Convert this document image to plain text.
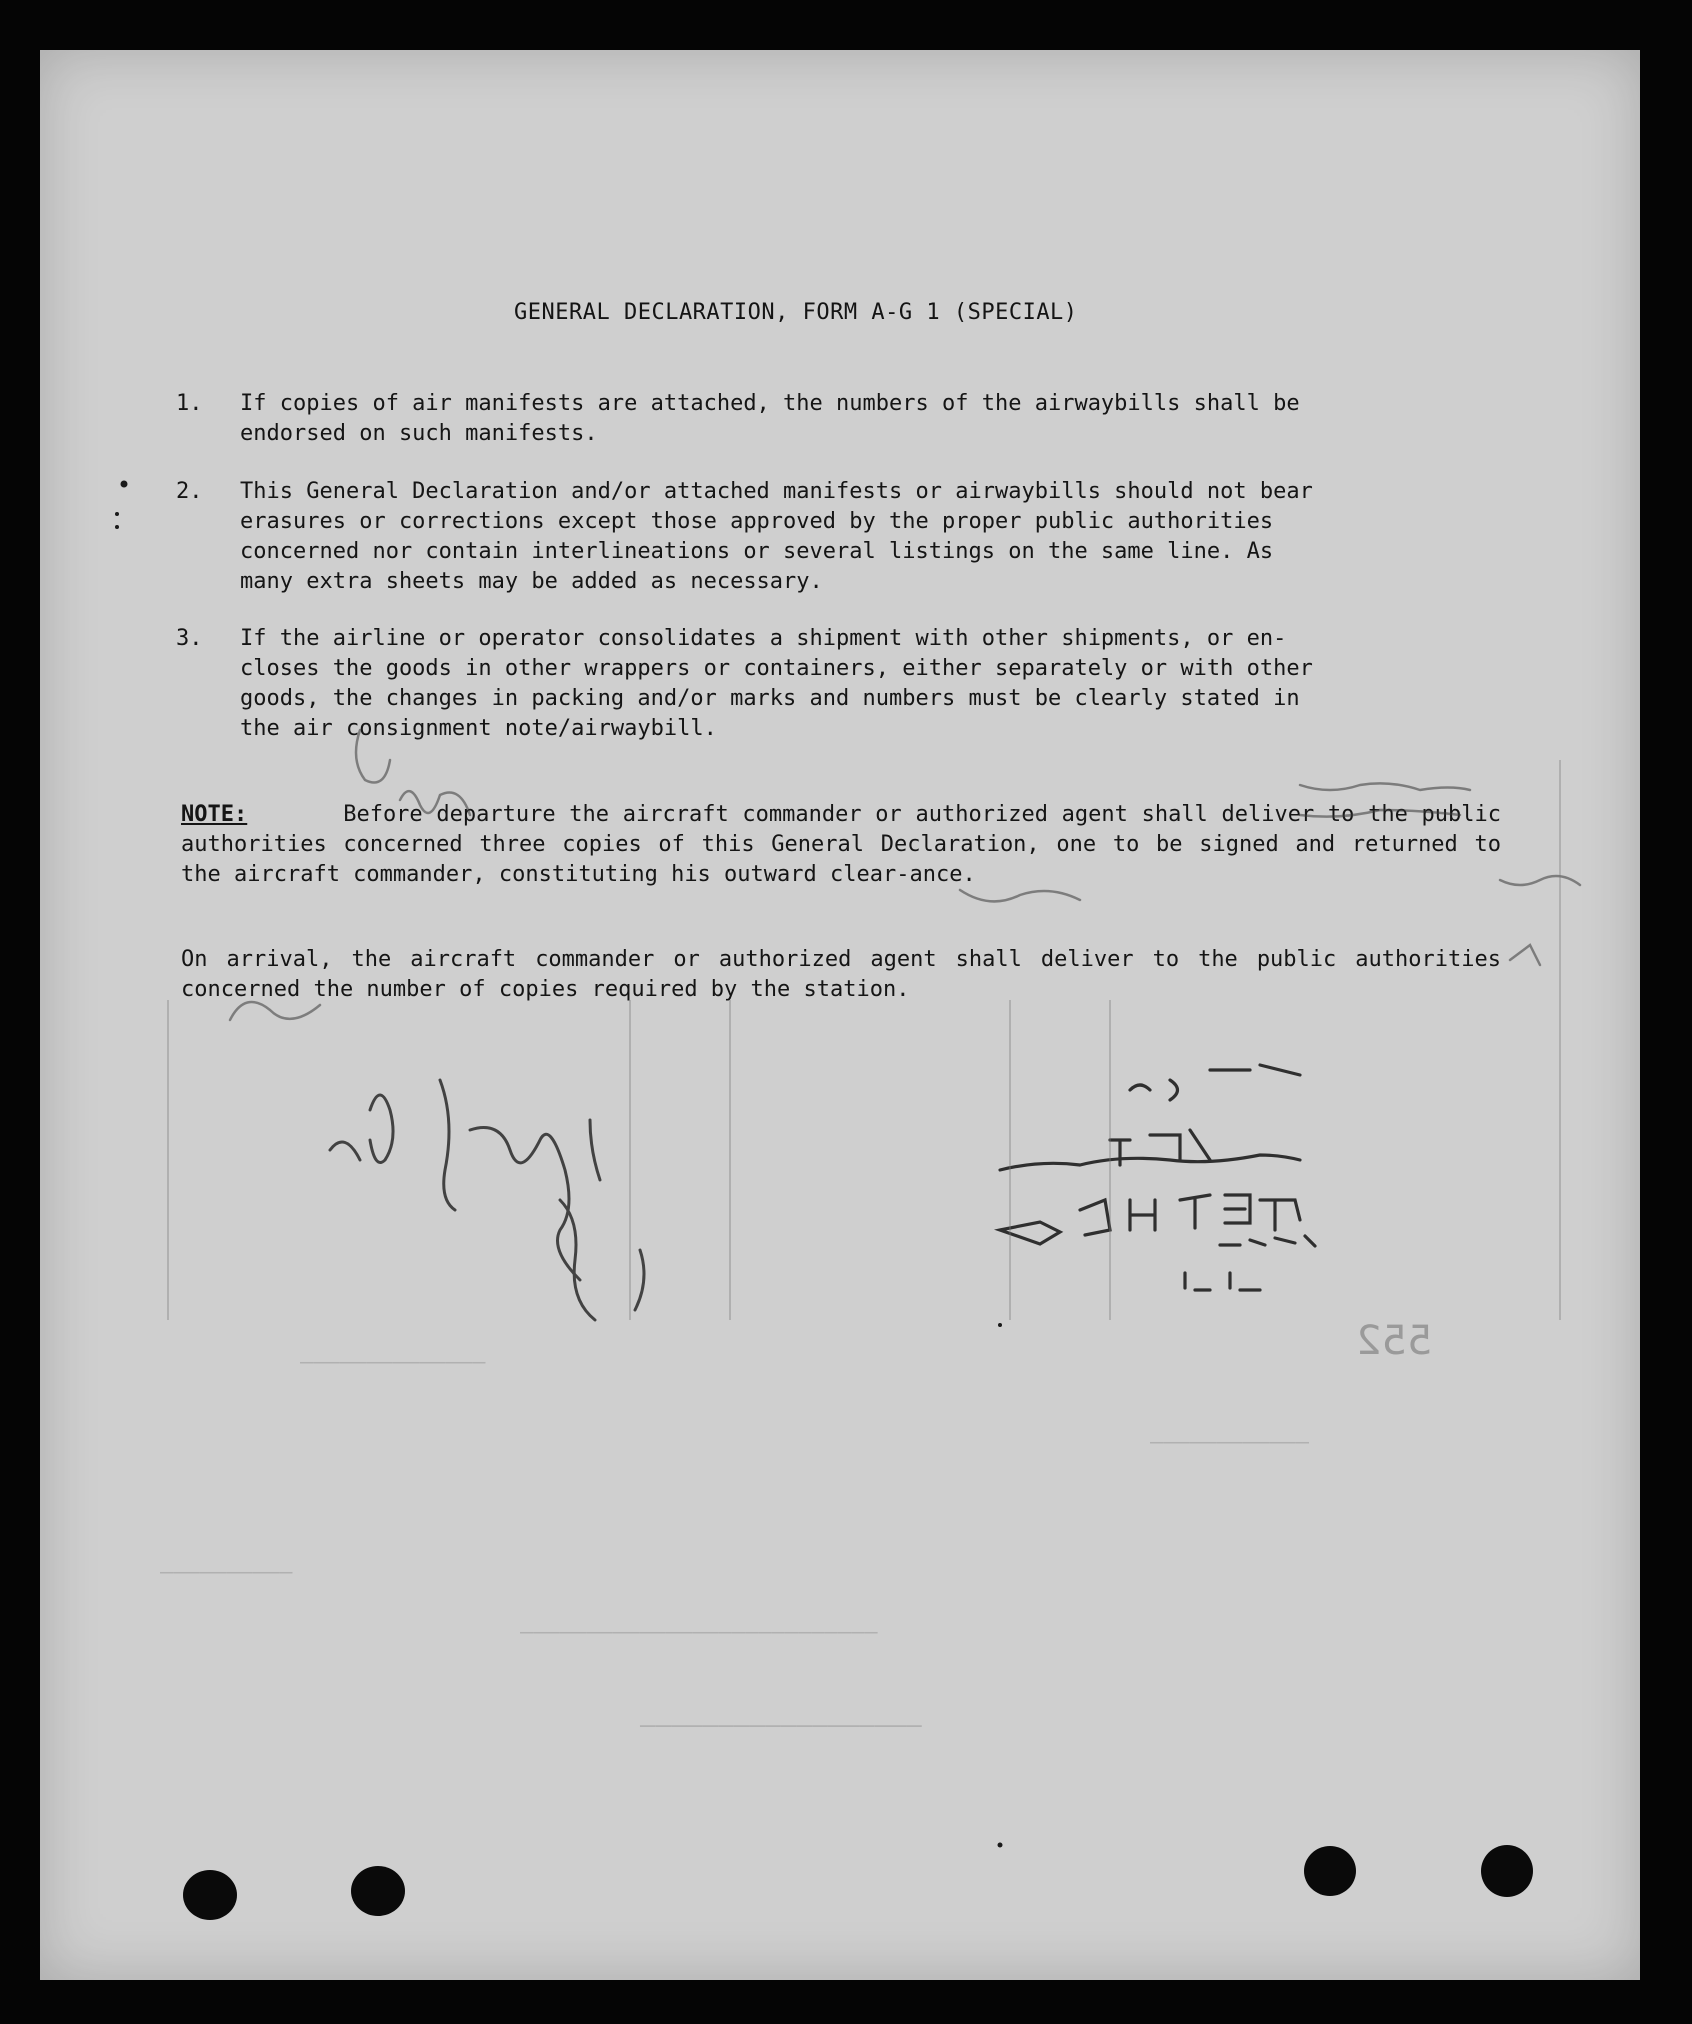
———————————————————————————
——————————————————
——————————
——————————————
————————————
GENERAL DECLARATION, FORM A-G 1 (SPECIAL)
1. If copies of air manifests are attached, the numbers of the airwaybills shall be
endorsed on such manifests.
2. This General Declaration and/or attached manifests or airwaybills should not bear
erasures or corrections except those approved by the proper public authorities
concerned nor contain interlineations or several listings on the same line. As
many extra sheets may be added as necessary.
3. If the airline or operator consolidates a shipment with other shipments, or en-
closes the goods in other wrappers or containers, either separately or with other
goods, the changes in packing and/or marks and numbers must be clearly stated in
the air consignment note/airwaybill.
NOTE:	Before departure the aircraft commander or authorized agent shall deliver to the public authorities concerned three copies of this General Declaration, one to be signed and returned to the aircraft commander, constituting his outward clear-ance.
On arrival, the aircraft commander or authorized agent shall deliver to the public authorities concerned the number of copies required by the station.
552
